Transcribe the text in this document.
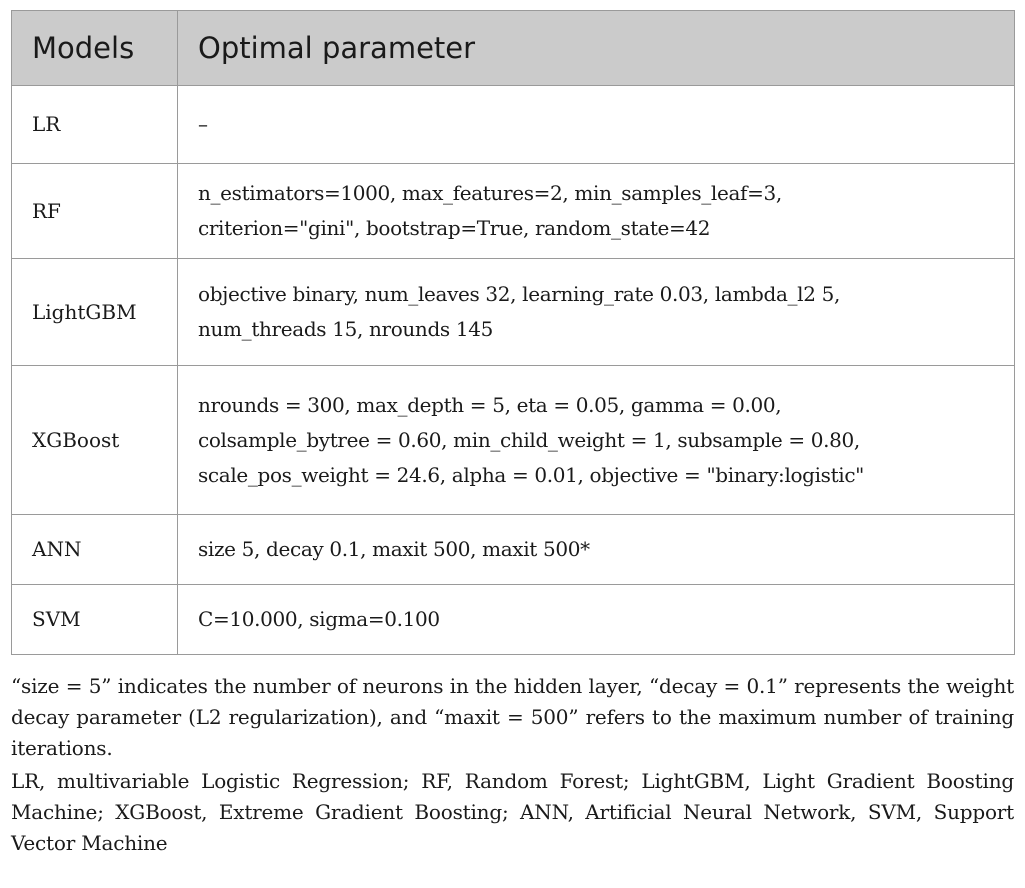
Models	Optimal parameter
LR	–

RF	n_estimators=1000, max_features=2, min_samples_leaf=3,
criterion="gini", bootstrap=True, random_state=42

LightGBM	objective binary, num_leaves 32, learning_rate 0.03, lambda_l2 5,
num_threads 15, nrounds 145

XGBoost	nrounds = 300, max_depth = 5, eta = 0.05, gamma = 0.00,
colsample_bytree = 0.60, min_child_weight = 1, subsample = 0.80,
scale_pos_weight = 24.6, alpha = 0.01, objective = "binary:logistic"

ANN	size 5, decay 0.1, maxit 500, maxit 500*

SVM	C=10.000, sigma=0.100

“size = 5” indicates the number of neurons in the hidden layer, “decay = 0.1” represents the weight decay parameter (L2 regularization), and “maxit = 500” refers to the maximum number of training iterations.

LR, multivariable Logistic Regression; RF, Random Forest; LightGBM, Light Gradient Boosting Machine; XGBoost, Extreme Gradient Boosting; ANN, Artificial Neural Network, SVM, Support Vector Machine
